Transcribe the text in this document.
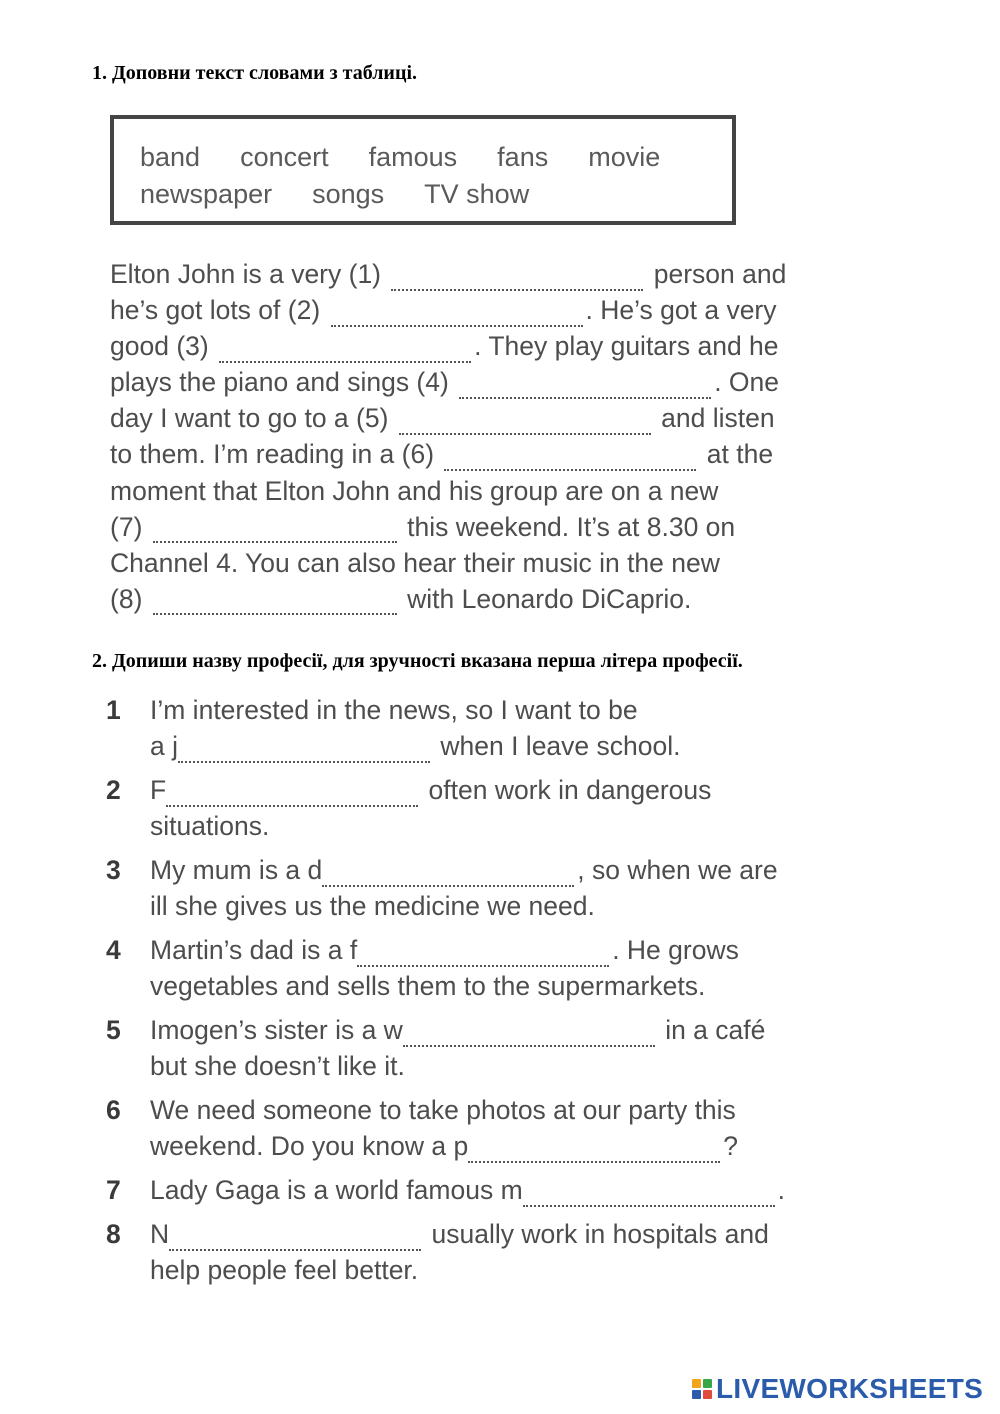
1. Доповни текст словами з таблиці.
band concert famous fans movie
newspaper songs TV show
Elton John is a very (1)	person and
he’s got lots of (2)	. He’s got a very
good (3)	. They play guitars and he
plays the piano and sings (4)	. One
day I want to go to a (5)	and listen
to them. I’m reading in a (6)	at the
moment that Elton John and his group are on a new
(7)	this weekend. It’s at 8.30 on
Channel 4. You can also hear their music in the new
(8)	with Leonardo DiCaprio.
2. Допиши назву професії, для зручності вказана перша літера професії.
1	I’m interested in the news, so I want to be
a j	when I leave school.
2	F	often work in dangerous
situations.
3	My mum is a d	, so when we are
ill she gives us the medicine we need.
4	Martin’s dad is a f	. He grows
vegetables and sells them to the supermarkets.
5	Imogen’s sister is a w	in a café
but she doesn’t like it.
6	We need someone to take photos at our party this
weekend. Do you know a p	?
7	Lady Gaga is a world famous m	.
8	N	usually work in hospitals and
help people feel better.
LIVEWORKSHEETS
